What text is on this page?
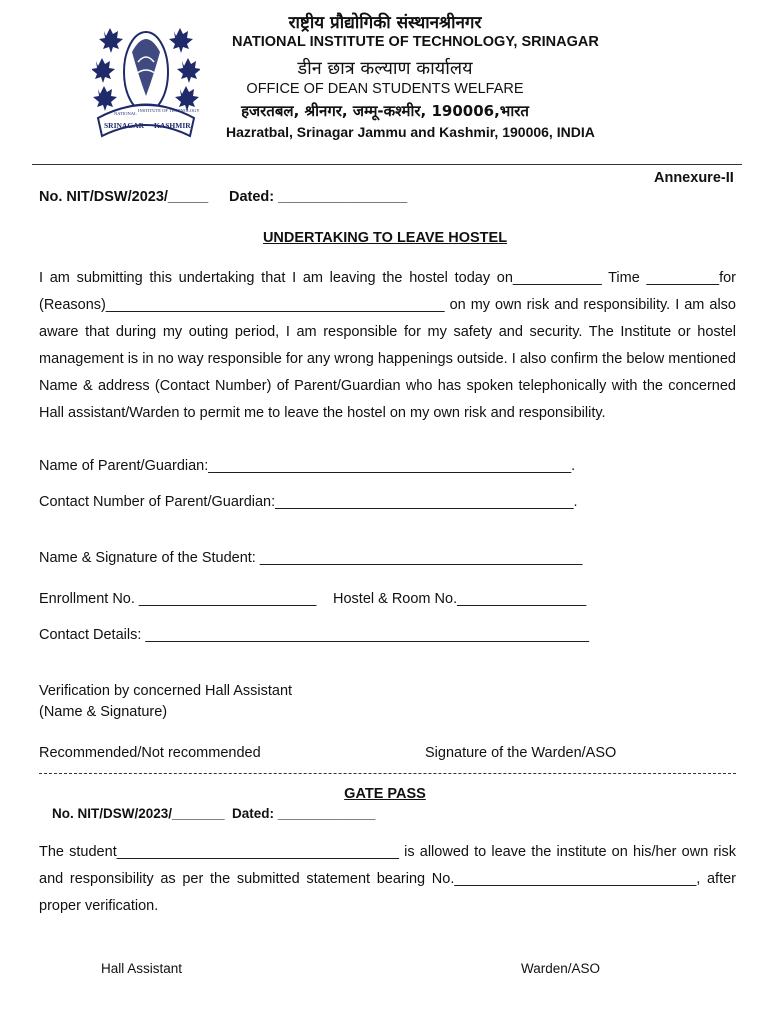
SRINAGAR KASHMIR
NATIONAL
INSTITUTE OF TECHNOLOGY
राष्ट्रीय प्रौद्योगिकी संस्थानश्रीनगर
NATIONAL INSTITUTE OF TECHNOLOGY, SRINAGAR
डीन छात्र कल्याण कार्यालय
OFFICE OF DEAN STUDENTS WELFARE
हजरतबल, श्रीनगर, जम्मू-कश्मीर, 190006,भारत
Hazratbal, Srinagar Jammu and Kashmir, 190006, INDIA
Annexure-II
No. NIT/DSW/2023/_____ Dated: ________________
UNDERTAKING TO LEAVE HOSTEL
I am submitting this undertaking that I am leaving the hostel today on___________ Time _________for (Reasons)__________________________________________ on my own risk and responsibility. I am also aware that during my outing period, I am responsible for my safety and security. The Institute or hostel management is in no way responsible for any wrong happenings outside. I also confirm the below mentioned Name & address (Contact Number) of Parent/Guardian who has spoken telephonically with the concerned Hall assistant/Warden to permit me to leave the hostel on my own risk and responsibility.
Name of Parent/Guardian:_____________________________________________.
Contact Number of Parent/Guardian:_____________________________________.
Name & Signature of the Student: ________________________________________
Enrollment No. ______________________ Hostel & Room No.________________
Contact Details: _______________________________________________________
Verification by concerned Hall Assistant
(Name & Signature)
Recommended/Not recommended	Signature of the Warden/ASO
GATE PASS
No. NIT/DSW/2023/_______ Dated: _____________
The student___________________________________ is allowed to leave the institute on his/her own risk and responsibility as per the submitted statement bearing No.______________________________, after proper verification.
Hall Assistant	Warden/ASO
